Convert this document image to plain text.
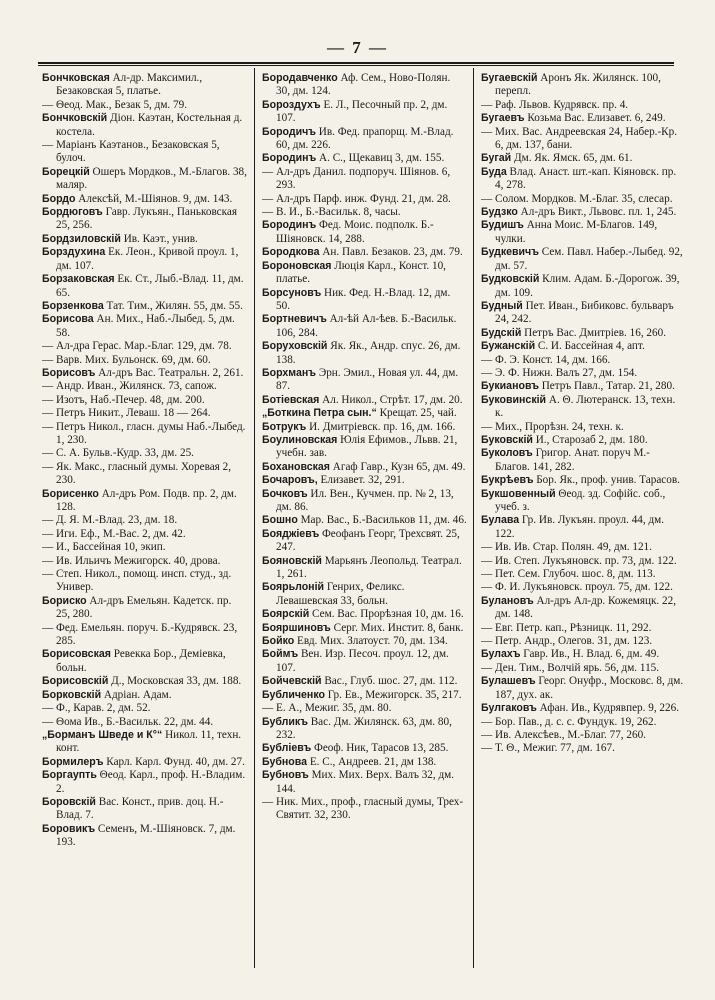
— 7 —

Бончковская Ал-др. Максимил., Безаковская 5, платье.

— Θеод. Мак., Безак 5, дм. 79.

Бончковскій Діон. Каэтан, Костельная д. костела.

— Маріанъ Каэтанов., Безаковская 5, булоч.

Борецкій Ошеръ Мордков., М.-Благов. 38, маляр.

Бордо Алексѣй, М.-Шіянов. 9, дм. 143.

Бордюговъ Гавр. Лукъян., Паньковская 25, 256.

Бордзиловскій Ив. Каэт., унив.

Борздухина Ек. Леон., Кривой проул. 1, дм. 107.

Борзаковская Ек. Ст., Лыб.-Влад. 11, дм. 65.

Борзенкова Тат. Тим., Жилян. 55, дм. 55.

Борисова Ан. Мих., Наб.-Лыбед. 5, дм. 58.

— Ал-дра Герас. Мар.-Благ. 129, дм. 78.

— Варв. Мих. Бульонск. 69, дм. 60.

Борисовъ Ал-дръ Вас. Театральн. 2, 261.

— Андр. Иван., Жилянск. 73, сапож.

— Изотъ, Наб.-Печер. 48, дм. 200.

— Петръ Никит., Леваш. 18 — 264.

— Петръ Никол., гласн. думы Наб.-Лыбед. 1, 230.

— С. А. Бульв.-Кудр. 33, дм. 25.

— Як. Макс., гласный думы. Хоревая 2, 230.

Борисенко Ал-дръ Ром. Подв. пр. 2, дм. 128.

— Д. Я. М.-Влад. 23, дм. 18.

— Иги. Еф., М.-Вас. 2, дм. 42.

— И., Бассейная 10, экип.

— Ив. Ильичъ Межигорск. 40, дрова.

— Степ. Никол., помощ. инсп. студ., зд. Универ.

Бориско Ал-дръ Емельян. Кадетск. пр. 25, 280.

— Фед. Емельян. поруч. Б.-Кудрявск. 23, 285.

Борисовская Ревекка Бор., Деміевка, больн.

Борисовскій Д., Московская 33, дм. 188.

Борковскій Адріан. Адам.

— Ф., Карав. 2, дм. 52.

— Θома Ив., Б.-Васильк. 22, дм. 44.

„Борманъ Шведе и К°“ Никол. 11, техн. конт.

Бормилеръ Карл. Карл. Фунд. 40, дм. 27.

Боргаупть Θеод. Карл., проф. Н.-Владим. 2.

Боровскій Вас. Конст., прив. доц. Н.-Влад. 7.

Боровикъ Семенъ, М.-Шіяновск. 7, дм. 193.

Бородавченко Аф. Сем., Ново-Полян. 30, дм. 124.

Бороздухъ Е. Л., Песочный пр. 2, дм. 107.

Бородичъ Ив. Фед. прапорщ. М.-Влад. 60, дм. 226.

Бородинъ А. С., Щекавиц 3, дм. 155.

— Ал-дръ Данил. подпоруч. Шіянов. 6, 293.

— Ал-дръ Парф. инж. Фунд. 21, дм. 28.

— В. И., Б.-Васильк. 8, часы.

Бородинъ Фед. Моис. подполк. Б.-Шіяновск. 14, 288.

Бородкова Ан. Павл. Безаков. 23, дм. 79.

Бороновская Люція Карл., Конст. 10, платье.

Борсуновъ Ник. Фед. Н.-Влад. 12, дм. 50.

Бортневичъ Ал-ѣй Ал-ѣев. Б.-Васильк. 106, 284.

Боруховскій Як. Як., Андр. спус. 26, дм. 138.

Борхманъ Эрн. Эмил., Новая ул. 44, дм. 87.

Ботіевская Ал. Никол., Стрѣт. 17, дм. 20.

„Боткина Петра сын.“ Крещат. 25, чай.

Ботрукъ И. Дмитріевск. пр. 16, дм. 166.

Боулиновская Юлія Ефимов., Львв. 21, учебн. зав.

Бохановская Агаф Гавр., Кузн 65, дм. 49.

Бочаровъ, Елизавет. 32, 291.

Бочковъ Ил. Вен., Кучмен. пр. № 2, 13, дм. 86.

Бошно Мар. Вас., Б.-Васильков 11, дм. 46.

Бояджіевъ Феофанъ Георг, Трехсвят. 25, 247.

Бояновскій Марьянъ Леопольд. Театрал. 1, 261.

Боярьлоній Генрих, Феликс. Левашевская 33, больн.

Боярскій Сем. Вас. Прорѣзная 10, дм. 16.

Бояршиновъ Серг. Мих. Инстит. 8, банк.

Бойко Евд. Мих. Златоуст. 70, дм. 134.

Боймъ Вен. Изр. Песоч. проул. 12, дм. 107.

Бойчевскій Вас., Глуб. шос. 27, дм. 112.

Бубличенко Гр. Ев., Межигорск. 35, 217.

— Е. А., Межиг. 35, дм. 80.

Бубликъ Вас. Дм. Жилянск. 63, дм. 80, 232.

Бубліевъ Феоф. Ник, Тарасов 13, 285.

Бубнова Е. С., Андреев. 21, дм 138.

Бубновъ Мих. Мих. Верх. Валъ 32, дм. 144.

— Ник. Мих., проф., гласный думы, Трех-Святит. 32, 230.

Бугаевскій Аронъ Як. Жилянск. 100, перепл.

— Раф. Львов. Кудрявск. пр. 4.

Бугаевъ Козьма Вас. Елизавет. 6, 249.

— Мих. Вас. Андреевская 24, Набер.-Кр. 6, дм. 137, бани.

Бугай Дм. Як. Ямск. 65, дм. 61.

Буда Влад. Анаст. шт.-кап. Кіяновск. пр. 4, 278.

— Солом. Мордков. М.-Благ. 35, слесар.

Будзко Ал-дръ Викт., Львовс. пл. 1, 245.

Будишъ Анна Моис. М-Благов. 149, чулки.

Будкевичъ Сем. Павл. Набер.-Лыбед. 92, дм. 57.

Будковскій Клим. Адам. Б.-Дорогож. 39, дм. 109.

Будный Пет. Иван., Бибиковс. бульваръ 24, 242.

Будскій Петръ Вас. Дмитріев. 16, 260.

Бужанскій С. И. Бассейная 4, апт.

— Ф. Э. Конст. 14, дм. 166.

— Э. Ф. Нижн. Валъ 27, дм. 154.

Букиановъ Петръ Павл., Татар. 21, 280.

Буковинскій А. Θ. Лютеранск. 13, техн. к.

— Мих., Прорѣзн. 24, техн. к.

Буковскій И., Старозаб 2, дм. 180.

Буколовъ Григор. Анат. поруч М.-Благов. 141, 282.

Букрѣевъ Бор. Як., проф. унив. Тарасов.

Букшовенный Θеод. зд. Софійс. соб., учеб. з.

Булава Гр. Ив. Лукъян. проул. 44, дм. 122.

— Ив. Ив. Стар. Полян. 49, дм. 121.

— Ив. Степ. Лукъяновск. пр. 73, дм. 122.

— Пет. Сем. Глубоч. шос. 8, дм. 113.

— Ф. И. Лукъяновск. проул. 75, дм. 122.

Булановъ Ал-дръ Ал-др. Кожемяцк. 22, дм. 148.

— Евг. Петр. кап., Рѣзницк. 11, 292.

— Петр. Андр., Олегов. 31, дм. 123.

Булахъ Гавр. Ив., Н. Влад. 6, дм. 49.

— Ден. Тим., Волчій ярь. 56, дм. 115.

Булашевъ Георг. Онуфр., Московс. 8, дм. 187, дух. ак.

Булгаковъ Афан. Ив., Кудрявпер. 9, 226.

— Бор. Пав., д. с. с. Фундук. 19, 262.

— Ив. Алексѣев., М.-Благ. 77, 260.

— Т. Θ., Межиг. 77, дм. 167.
